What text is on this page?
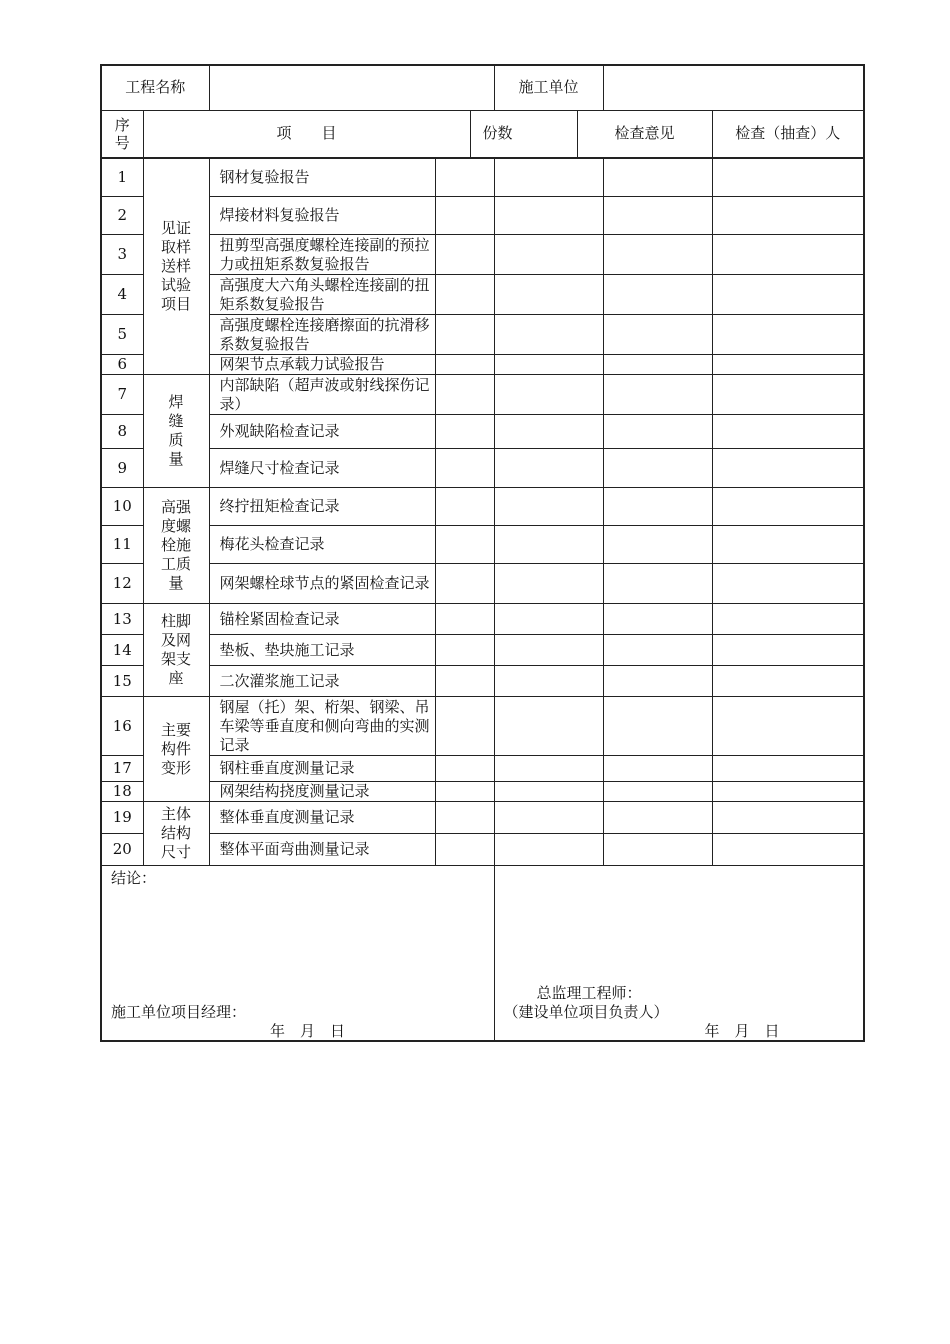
工程名称				施工单位			
序号	项　　目		份数		检查意见		检查（抽查）人
1	见证取样送样试验项目	钢材复验报告				
2		焊接材料复验报告				
3		扭剪型高强度螺栓连接副的预拉力或扭矩系数复验报告				
4		高强度大六角头螺栓连接副的扭矩系数复验报告				
5		高强度螺栓连接磨擦面的抗滑移系数复验报告				
6		网架节点承载力试验报告				
7	焊缝质量	内部缺陷（超声波或射线探伤记录）				
8		外观缺陷检查记录				
9		焊缝尺寸检查记录				
10	高强度螺栓施工质量	终拧扭矩检查记录				
11		梅花头检查记录				
12		网架螺栓球节点的紧固检查记录				
13	柱脚及网架支座	锚栓紧固检查记录				
14		垫板、垫块施工记录				
15		二次灌浆施工记录				
16	主要构件变形	钢屋（托）架、桁架、钢梁、吊车梁等垂直度和侧向弯曲的实测记录				
17		钢柱垂直度测量记录				
18		网架结构挠度测量记录				
19	主体结构尺寸	整体垂直度测量记录				
20		整体平面弯曲测量记录				

结论：
施工单位项目经理：
年　月　日				总监理工程师：
（建设单位项目负责人）
年　月　日		
